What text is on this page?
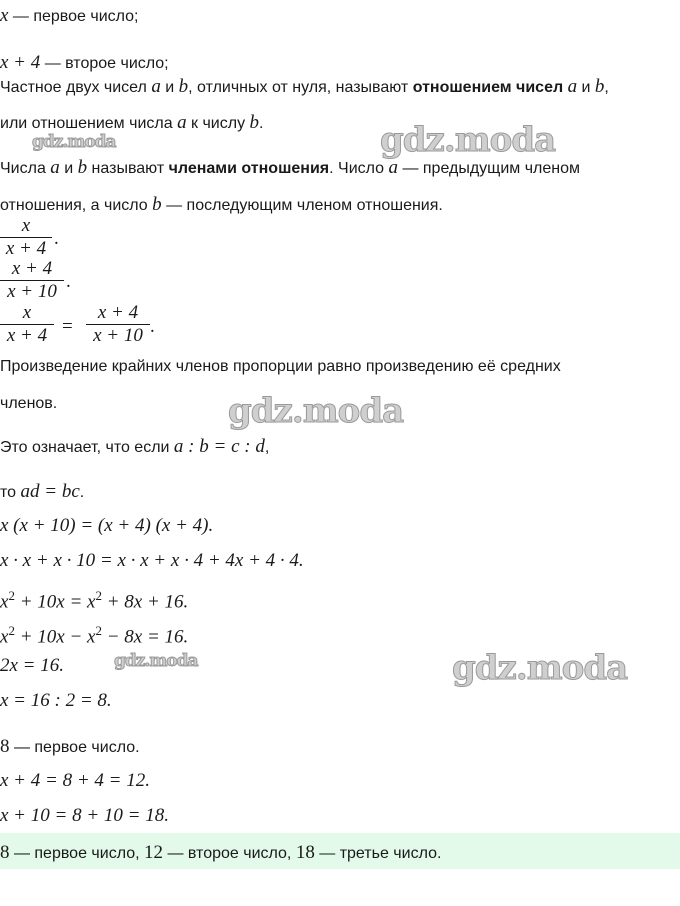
x — первое число;
x + 4 — второе число;
Частное двух чисел a и b, отличных от нуля, называют отношением чисел a и b,
или отношением числа a к числу b.
Числа a и b называют членами отношения. Число a — предыдущим членом
отношения, а число b — последующим членом отношения.
x
x + 4 .
x + 4
x + 10 .
x
x + 4 =
x + 4
x + 10 .
Произведение крайних членов пропорции равно произведению её средних
членов.
Это означает, что если a : b = c : d,
то ad = bc.
x (x + 10) = (x + 4) (x + 4).
x · x + x · 10 = x · x + x · 4 + 4x + 4 · 4.
$x^2 + 10x = x^2 + 8x + 16$.
$x^2 + 10x - x^2 - 8x = 16$.
2x = 16.
x = 16 : 2 = 8.
8 — первое число.
x + 4 = 8 + 4 = 12.
x + 10 = 8 + 10 = 18.
8 — первое число, 12 — второе число, 18 — третье число.
gdz.moda	gdz.moda
gdz.moda
gdz.moda	gdz.moda
